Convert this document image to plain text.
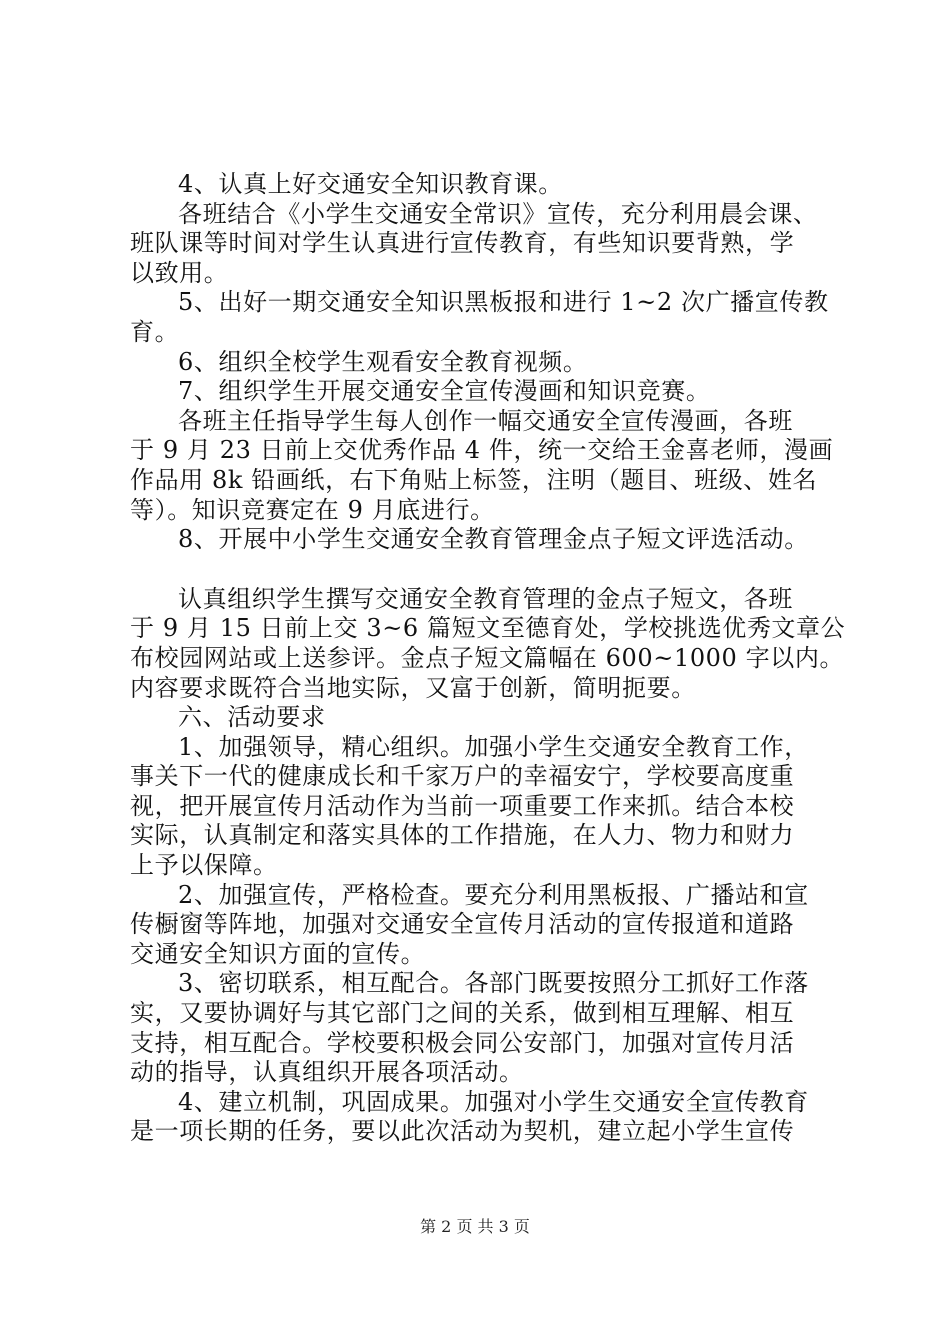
4、认真上好交通安全知识教育课。
各班结合《小学生交通安全常识》宣传，充分利用晨会课、
班队课等时间对学生认真进行宣传教育，有些知识要背熟，学
以致用。
5、出好一期交通安全知识黑板报和进行 1~2 次广播宣传教
育。
6、组织全校学生观看安全教育视频。
7、组织学生开展交通安全宣传漫画和知识竞赛。
各班主任指导学生每人创作一幅交通安全宣传漫画，各班
于 9 月 23 日前上交优秀作品 4 件，统一交给王金喜老师，漫画
作品用 8k 铅画纸，右下角贴上标签，注明（题目、班级、姓名
等）。知识竞赛定在 9 月底进行。
8、开展中小学生交通安全教育管理金点子短文评选活动。
认真组织学生撰写交通安全教育管理的金点子短文，各班
于 9 月 15 日前上交 3~6 篇短文至德育处，学校挑选优秀文章公
布校园网站或上送参评。金点子短文篇幅在 600~1000 字以内。
内容要求既符合当地实际，又富于创新，简明扼要。
六、活动要求
1、加强领导，精心组织。加强小学生交通安全教育工作，
事关下一代的健康成长和千家万户的幸福安宁，学校要高度重
视，把开展宣传月活动作为当前一项重要工作来抓。结合本校
实际，认真制定和落实具体的工作措施，在人力、物力和财力
上予以保障。
2、加强宣传，严格检查。要充分利用黑板报、广播站和宣
传橱窗等阵地，加强对交通安全宣传月活动的宣传报道和道路
交通安全知识方面的宣传。
3、密切联系，相互配合。各部门既要按照分工抓好工作落
实，又要协调好与其它部门之间的关系，做到相互理解、相互
支持，相互配合。学校要积极会同公安部门，加强对宣传月活
动的指导，认真组织开展各项活动。
4、建立机制，巩固成果。加强对小学生交通安全宣传教育
是一项长期的任务，要以此次活动为契机，建立起小学生宣传
第 2 页 共 3 页
